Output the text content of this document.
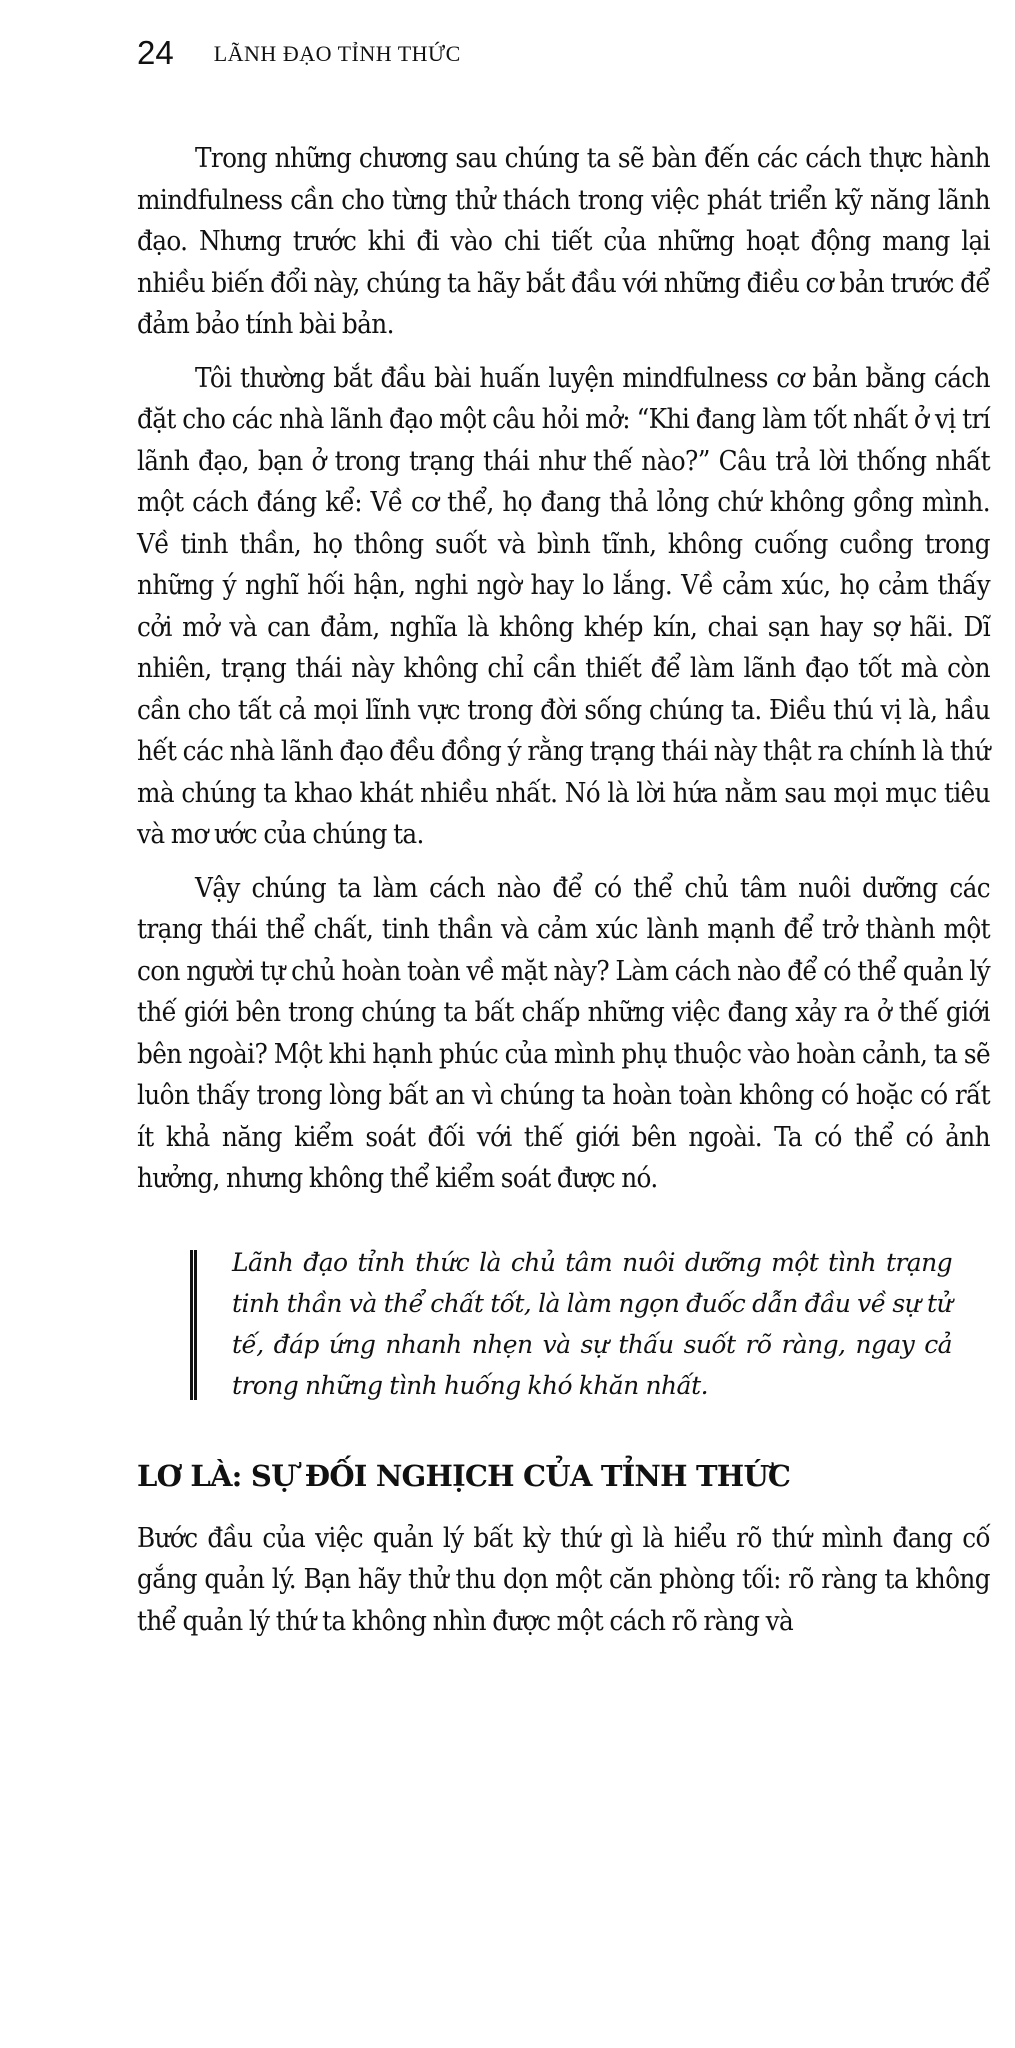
24 LÃNH ĐẠO TỈNH THỨC

Trong những chương sau chúng ta sẽ bàn đến các cách thực hành mindfulness cần cho từng thử thách trong việc phát triển kỹ năng lãnh đạo. Nhưng trước khi đi vào chi tiết của những hoạt động mang lại nhiều biến đổi này, chúng ta hãy bắt đầu với những điều cơ bản trước để đảm bảo tính bài bản.

Tôi thường bắt đầu bài huấn luyện mindfulness cơ bản bằng cách đặt cho các nhà lãnh đạo một câu hỏi mở: “Khi đang làm tốt nhất ở vị trí lãnh đạo, bạn ở trong trạng thái như thế nào?” Câu trả lời thống nhất một cách đáng kể: Về cơ thể, họ đang thả lỏng chứ không gồng mình. Về tinh thần, họ thông suốt và bình tĩnh, không cuống cuồng trong những ý nghĩ hối hận, nghi ngờ hay lo lắng. Về cảm xúc, họ cảm thấy cởi mở và can đảm, nghĩa là không khép kín, chai sạn hay sợ hãi. Dĩ nhiên, trạng thái này không chỉ cần thiết để làm lãnh đạo tốt mà còn cần cho tất cả mọi lĩnh vực trong đời sống chúng ta. Điều thú vị là, hầu hết các nhà lãnh đạo đều đồng ý rằng trạng thái này thật ra chính là thứ mà chúng ta khao khát nhiều nhất. Nó là lời hứa nằm sau mọi mục tiêu và mơ ước của chúng ta.

Vậy chúng ta làm cách nào để có thể chủ tâm nuôi dưỡng các trạng thái thể chất, tinh thần và cảm xúc lành mạnh để trở thành một con người tự chủ hoàn toàn về mặt này? Làm cách nào để có thể quản lý thế giới bên trong chúng ta bất chấp những việc đang xảy ra ở thế giới bên ngoài? Một khi hạnh phúc của mình phụ thuộc vào hoàn cảnh, ta sẽ luôn thấy trong lòng bất an vì chúng ta hoàn toàn không có hoặc có rất ít khả năng kiểm soát đối với thế giới bên ngoài. Ta có thể có ảnh hưởng, nhưng không thể kiểm soát được nó.

Lãnh đạo tỉnh thức là chủ tâm nuôi dưỡng một tình trạng tinh thần và thể chất tốt, là làm ngọn đuốc dẫn đầu về sự tử tế, đáp ứng nhanh nhẹn và sự thấu suốt rõ ràng, ngay cả trong những tình huống khó khăn nhất.

LƠ LÀ: SỰ ĐỐI NGHỊCH CỦA TỈNH THỨC

Bước đầu của việc quản lý bất kỳ thứ gì là hiểu rõ thứ mình đang cố gắng quản lý. Bạn hãy thử thu dọn một căn phòng tối: rõ ràng ta không thể quản lý thứ ta không nhìn được một cách rõ ràng và
